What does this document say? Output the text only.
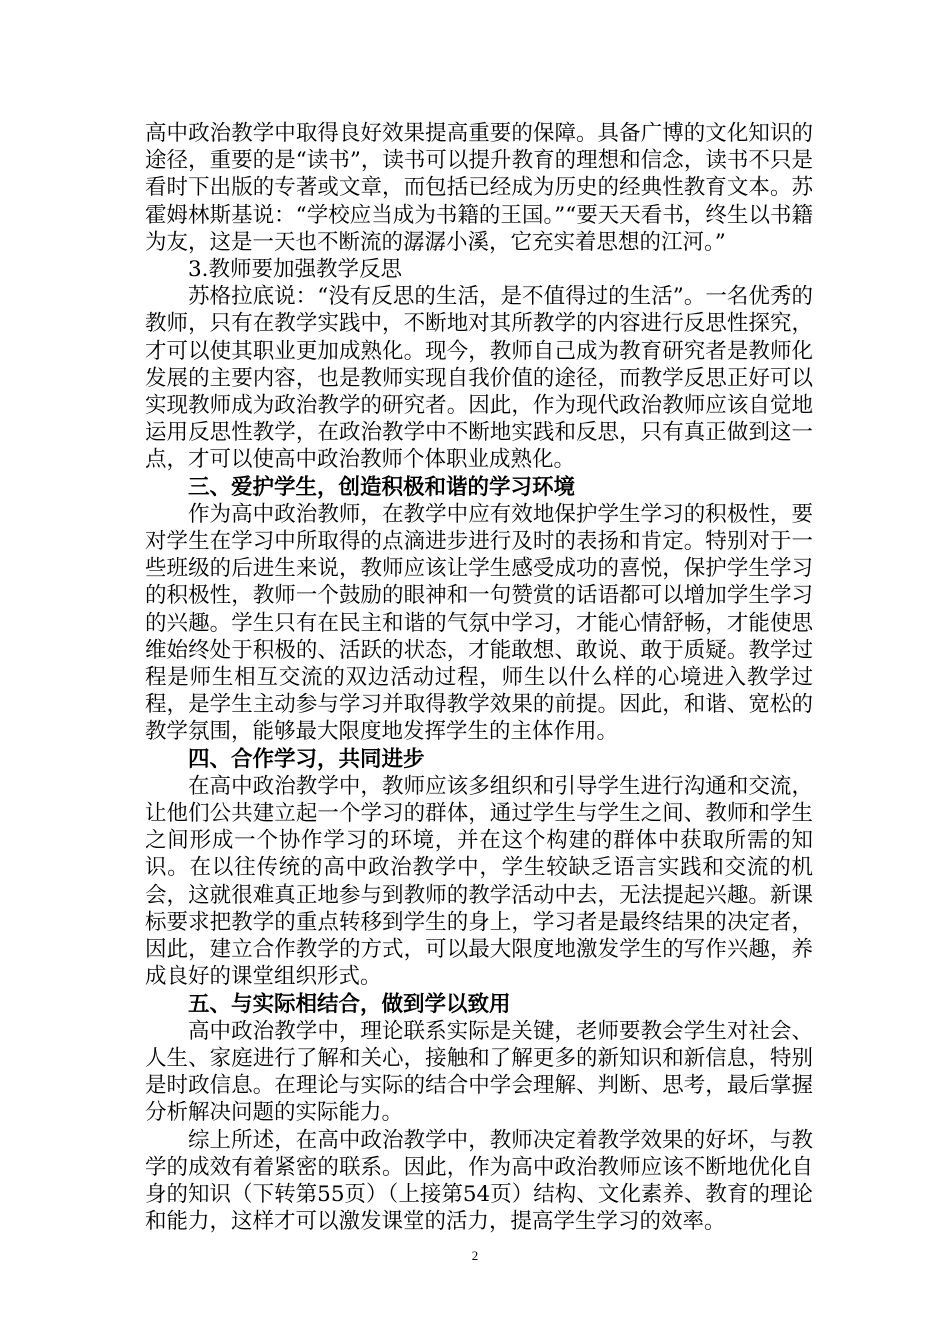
高中政治教学中取得良好效果提高重要的保障。具备广博的文化知识的途径，重要的是“读书”，读书可以提升教育的理想和信念，读书不只是看时下出版的专著或文章，而包括已经成为历史的经典性教育文本。苏霍姆林斯基说：“学校应当成为书籍的王国。”“要天天看书，终生以书籍为友，这是一天也不断流的潺潺小溪，它充实着思想的江河。”

3.教师要加强教学反思

苏格拉底说：“没有反思的生活，是不值得过的生活”。一名优秀的教师，只有在教学实践中，不断地对其所教学的内容进行反思性探究，才可以使其职业更加成熟化。现今，教师自己成为教育研究者是教师化发展的主要内容，也是教师实现自我价值的途径，而教学反思正好可以实现教师成为政治教学的研究者。因此，作为现代政治教师应该自觉地运用反思性教学，在政治教学中不断地实践和反思，只有真正做到这一点，才可以使高中政治教师个体职业成熟化。

三、爱护学生，创造积极和谐的学习环境

作为高中政治教师，在教学中应有效地保护学生学习的积极性，要对学生在学习中所取得的点滴进步进行及时的表扬和肯定。特别对于一些班级的后进生来说，教师应该让学生感受成功的喜悦，保护学生学习的积极性，教师一个鼓励的眼神和一句赞赏的话语都可以增加学生学习的兴趣。学生只有在民主和谐的气氛中学习，才能心情舒畅，才能使思维始终处于积极的、活跃的状态，才能敢想、敢说、敢于质疑。教学过程是师生相互交流的双边活动过程，师生以什么样的心境进入教学过程，是学生主动参与学习并取得教学效果的前提。因此，和谐、宽松的教学氛围，能够最大限度地发挥学生的主体作用。

四、合作学习，共同进步

在高中政治教学中，教师应该多组织和引导学生进行沟通和交流，让他们公共建立起一个学习的群体，通过学生与学生之间、教师和学生之间形成一个协作学习的环境，并在这个构建的群体中获取所需的知识。在以往传统的高中政治教学中，学生较缺乏语言实践和交流的机会，这就很难真正地参与到教师的教学活动中去，无法提起兴趣。新课标要求把教学的重点转移到学生的身上，学习者是最终结果的决定者，因此，建立合作教学的方式，可以最大限度地激发学生的写作兴趣，养成良好的课堂组织形式。

五、与实际相结合，做到学以致用

高中政治教学中，理论联系实际是关键，老师要教会学生对社会、人生、家庭进行了解和关心，接触和了解更多的新知识和新信息，特别是时政信息。在理论与实际的结合中学会理解、判断、思考，最后掌握分析解决问题的实际能力。

综上所述，在高中政治教学中，教师决定着教学效果的好坏，与教学的成效有着紧密的联系。因此，作为高中政治教师应该不断地优化自身的知识（下转第55页）（上接第54页）结构、文化素养、教育的理论和能力，这样才可以激发课堂的活力，提高学生学习的效率。

2
